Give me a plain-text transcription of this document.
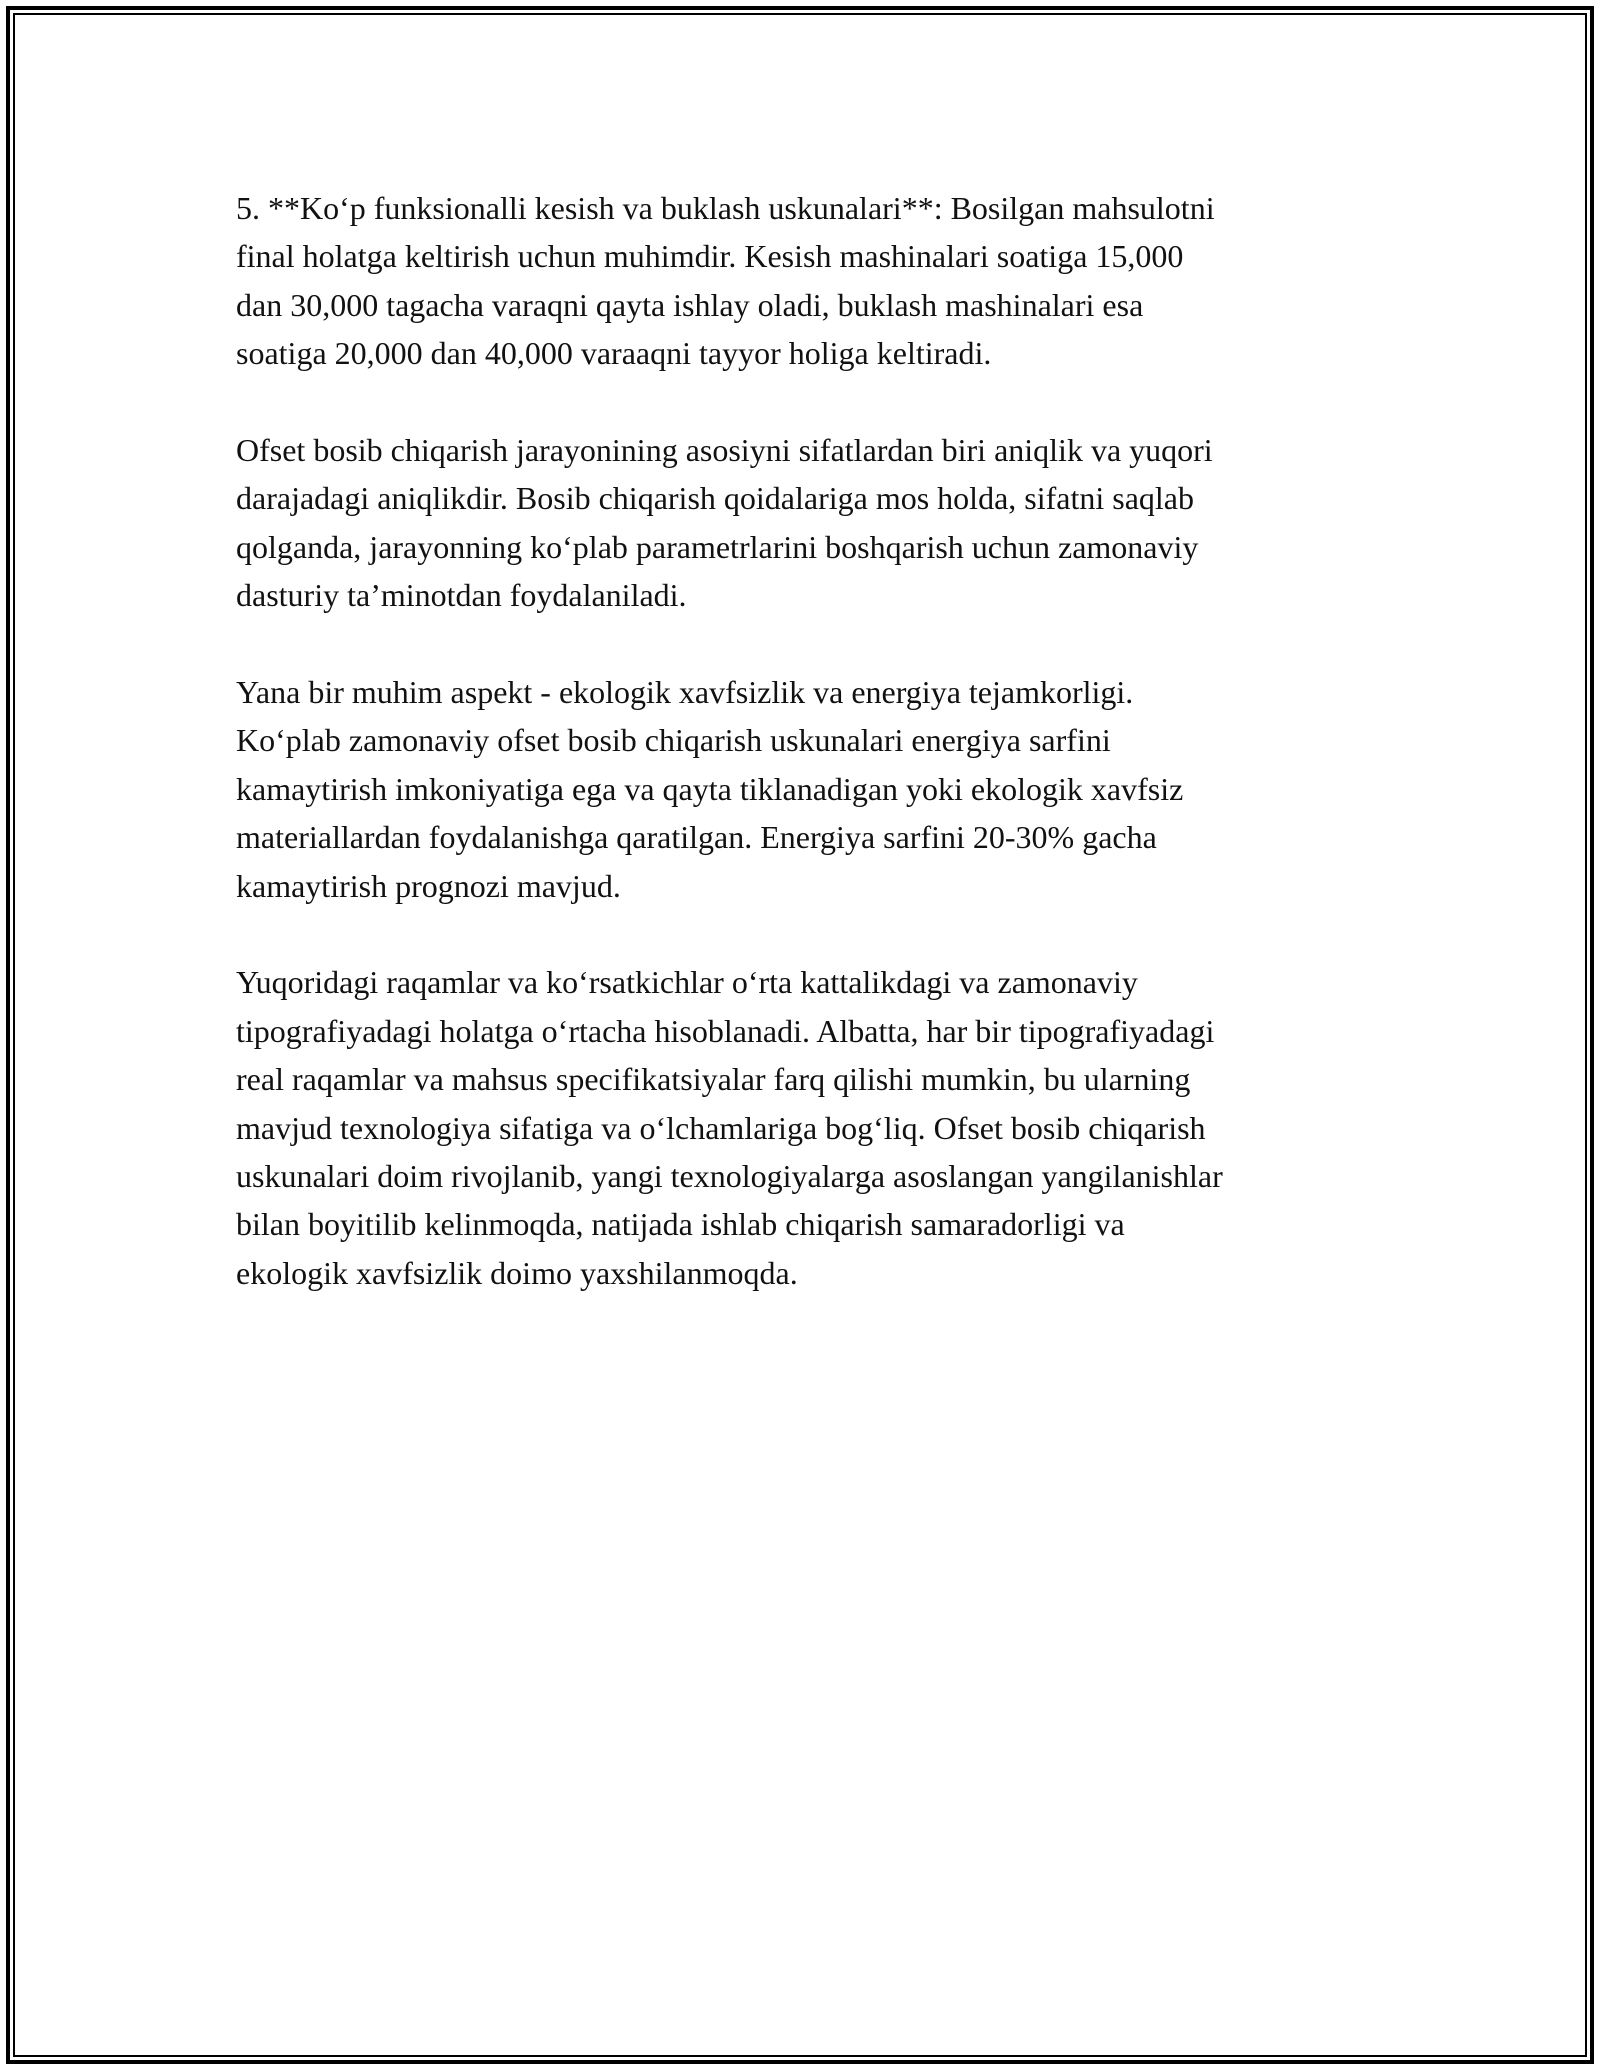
5. **Ko‘p funksionalli kesish va buklash uskunalari**: Bosilgan mahsulotni
final holatga keltirish uchun muhimdir. Kesish mashinalari soatiga 15,000
dan 30,000 tagacha varaqni qayta ishlay oladi, buklash mashinalari esa
soatiga 20,000 dan 40,000 varaaqni tayyor holiga keltiradi.

Ofset bosib chiqarish jarayonining asosiyni sifatlardan biri aniqlik va yuqori
darajadagi aniqlikdir. Bosib chiqarish qoidalariga mos holda, sifatni saqlab
qolganda, jarayonning ko‘plab parametrlarini boshqarish uchun zamonaviy
dasturiy ta’minotdan foydalaniladi.

Yana bir muhim aspekt - ekologik xavfsizlik va energiya tejamkorligi.
Ko‘plab zamonaviy ofset bosib chiqarish uskunalari energiya sarfini
kamaytirish imkoniyatiga ega va qayta tiklanadigan yoki ekologik xavfsiz
materiallardan foydalanishga qaratilgan. Energiya sarfini 20-30% gacha
kamaytirish prognozi mavjud.

Yuqoridagi raqamlar va ko‘rsatkichlar o‘rta kattalikdagi va zamonaviy
tipografiyadagi holatga o‘rtacha hisoblanadi. Albatta, har bir tipografiyadagi
real raqamlar va mahsus specifikatsiyalar farq qilishi mumkin, bu ularning
mavjud texnologiya sifatiga va o‘lchamlariga bog‘liq. Ofset bosib chiqarish
uskunalari doim rivojlanib, yangi texnologiyalarga asoslangan yangilanishlar
bilan boyitilib kelinmoqda, natijada ishlab chiqarish samaradorligi va
ekologik xavfsizlik doimo yaxshilanmoqda.
